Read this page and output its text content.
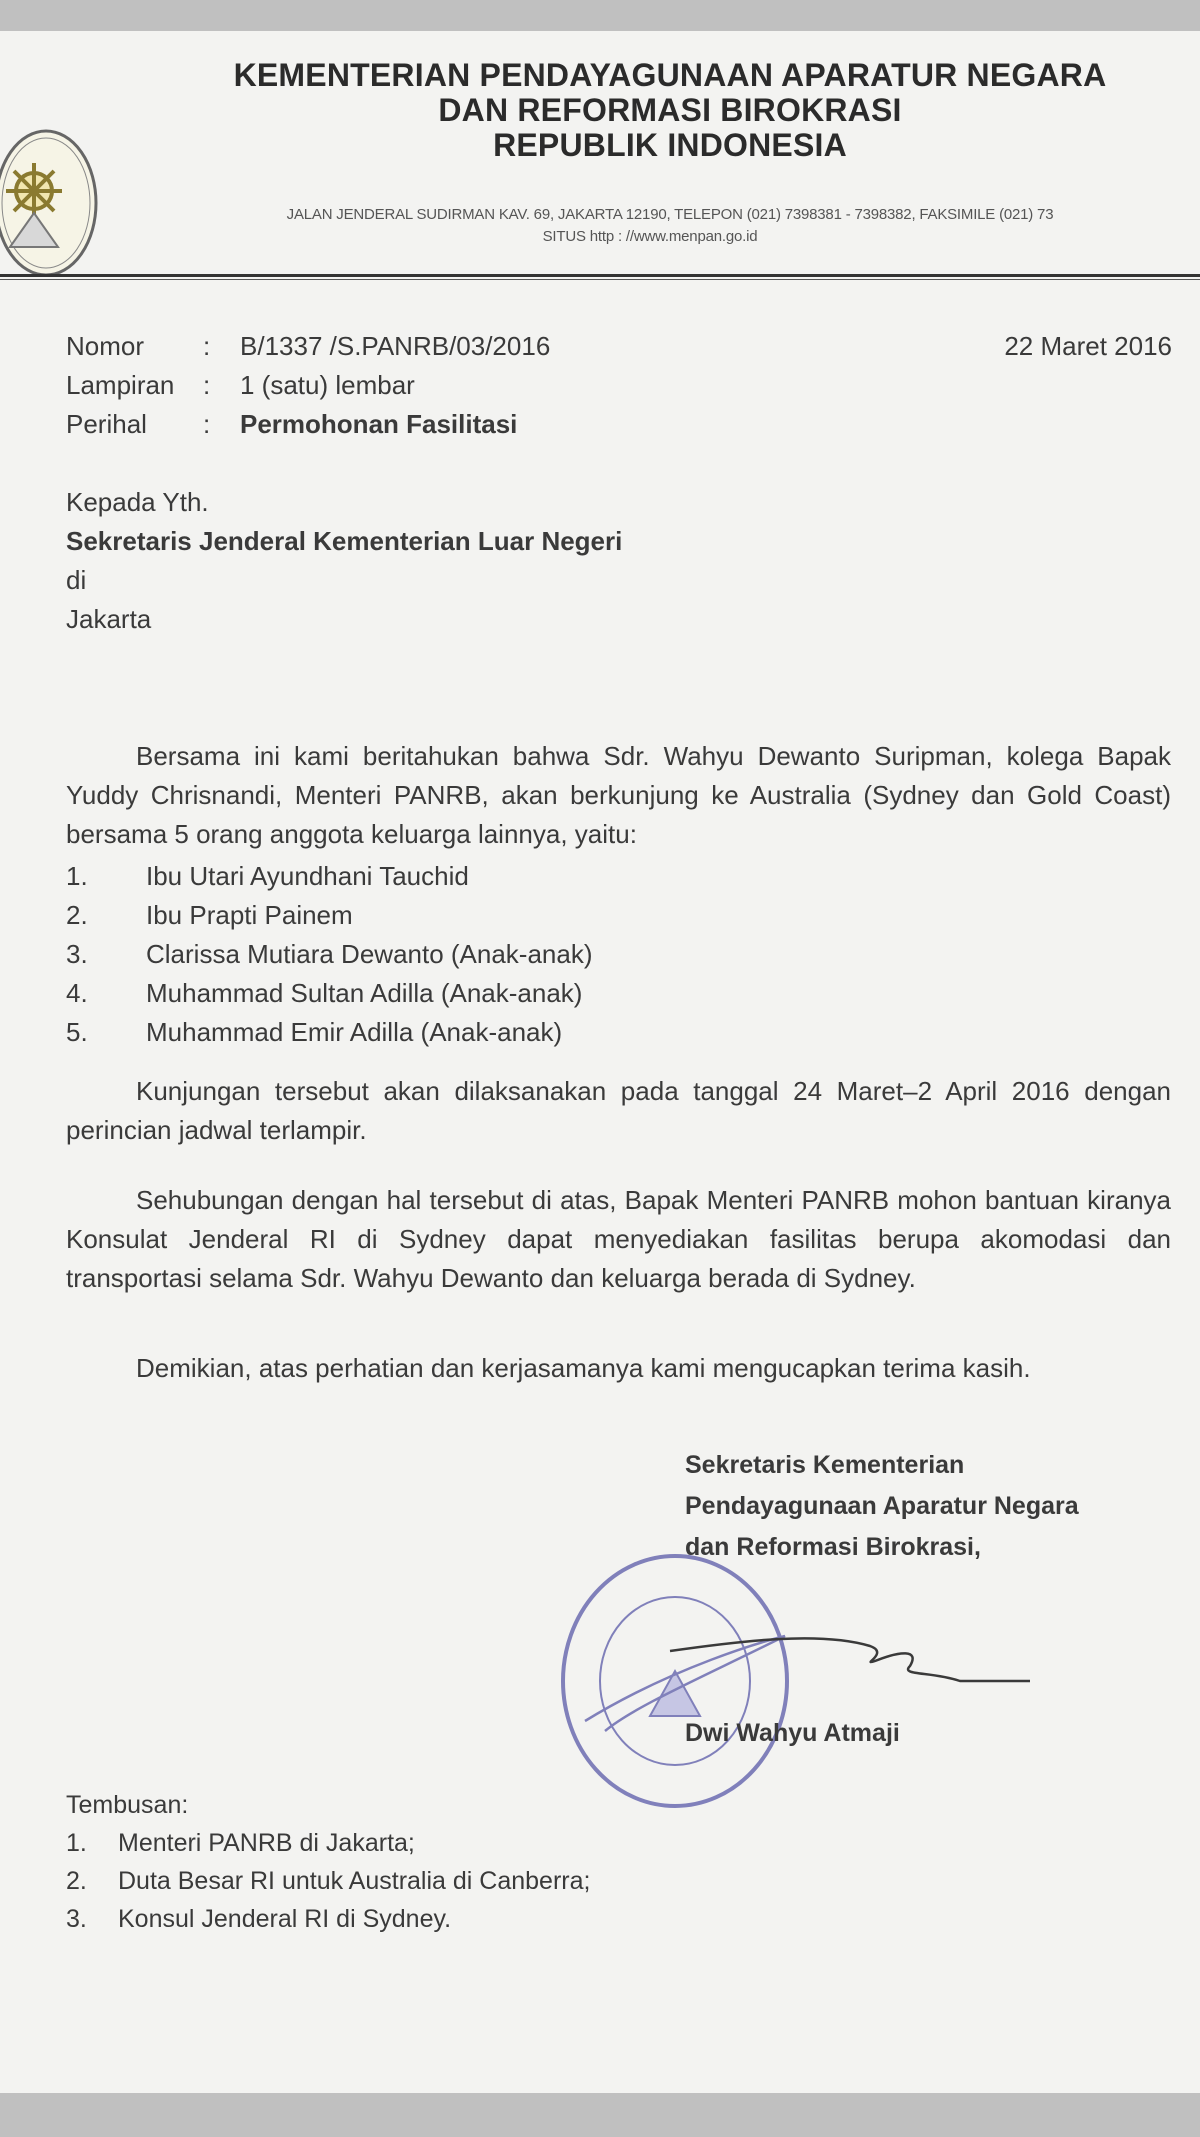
KEMENTERIAN PENDAYAGUNAAN APARATUR NEGARA
DAN REFORMASI BIROKRASI
REPUBLIK INDONESIA
JALAN JENDERAL SUDIRMAN KAV. 69, JAKARTA 12190, TELEPON (021) 7398381 - 7398382, FAKSIMILE (021) 73
SITUS http : //www.menpan.go.id
Nomor : B/1337 /S.PANRB/03/2016	22 Maret 2016
Lampiran : 1 (satu) lembar
Perihal : Permohonan Fasilitasi
Kepada Yth.
Sekretaris Jenderal Kementerian Luar Negeri
di
Jakarta
Bersama ini kami beritahukan bahwa Sdr. Wahyu Dewanto Suripman, kolega Bapak Yuddy Chrisnandi, Menteri PANRB, akan berkunjung ke Australia (Sydney dan Gold Coast) bersama 5 orang anggota keluarga lainnya, yaitu:
1. Ibu Utari Ayundhani Tauchid
2. Ibu Prapti Painem
3. Clarissa Mutiara Dewanto (Anak-anak)
4. Muhammad Sultan Adilla (Anak-anak)
5. Muhammad Emir Adilla (Anak-anak)
Kunjungan tersebut akan dilaksanakan pada tanggal 24 Maret–2 April 2016 dengan perincian jadwal terlampir.
Sehubungan dengan hal tersebut di atas, Bapak Menteri PANRB mohon bantuan kiranya Konsulat Jenderal RI di Sydney dapat menyediakan fasilitas berupa akomodasi dan transportasi selama Sdr. Wahyu Dewanto dan keluarga berada di Sydney.
Demikian, atas perhatian dan kerjasamanya kami mengucapkan terima kasih.
Sekretaris Kementerian
Pendayagunaan Aparatur Negara
dan Reformasi Birokrasi,
Dwi Wahyu Atmaji
Tembusan:
1. Menteri PANRB di Jakarta;
2. Duta Besar RI untuk Australia di Canberra;
3. Konsul Jenderal RI di Sydney.
